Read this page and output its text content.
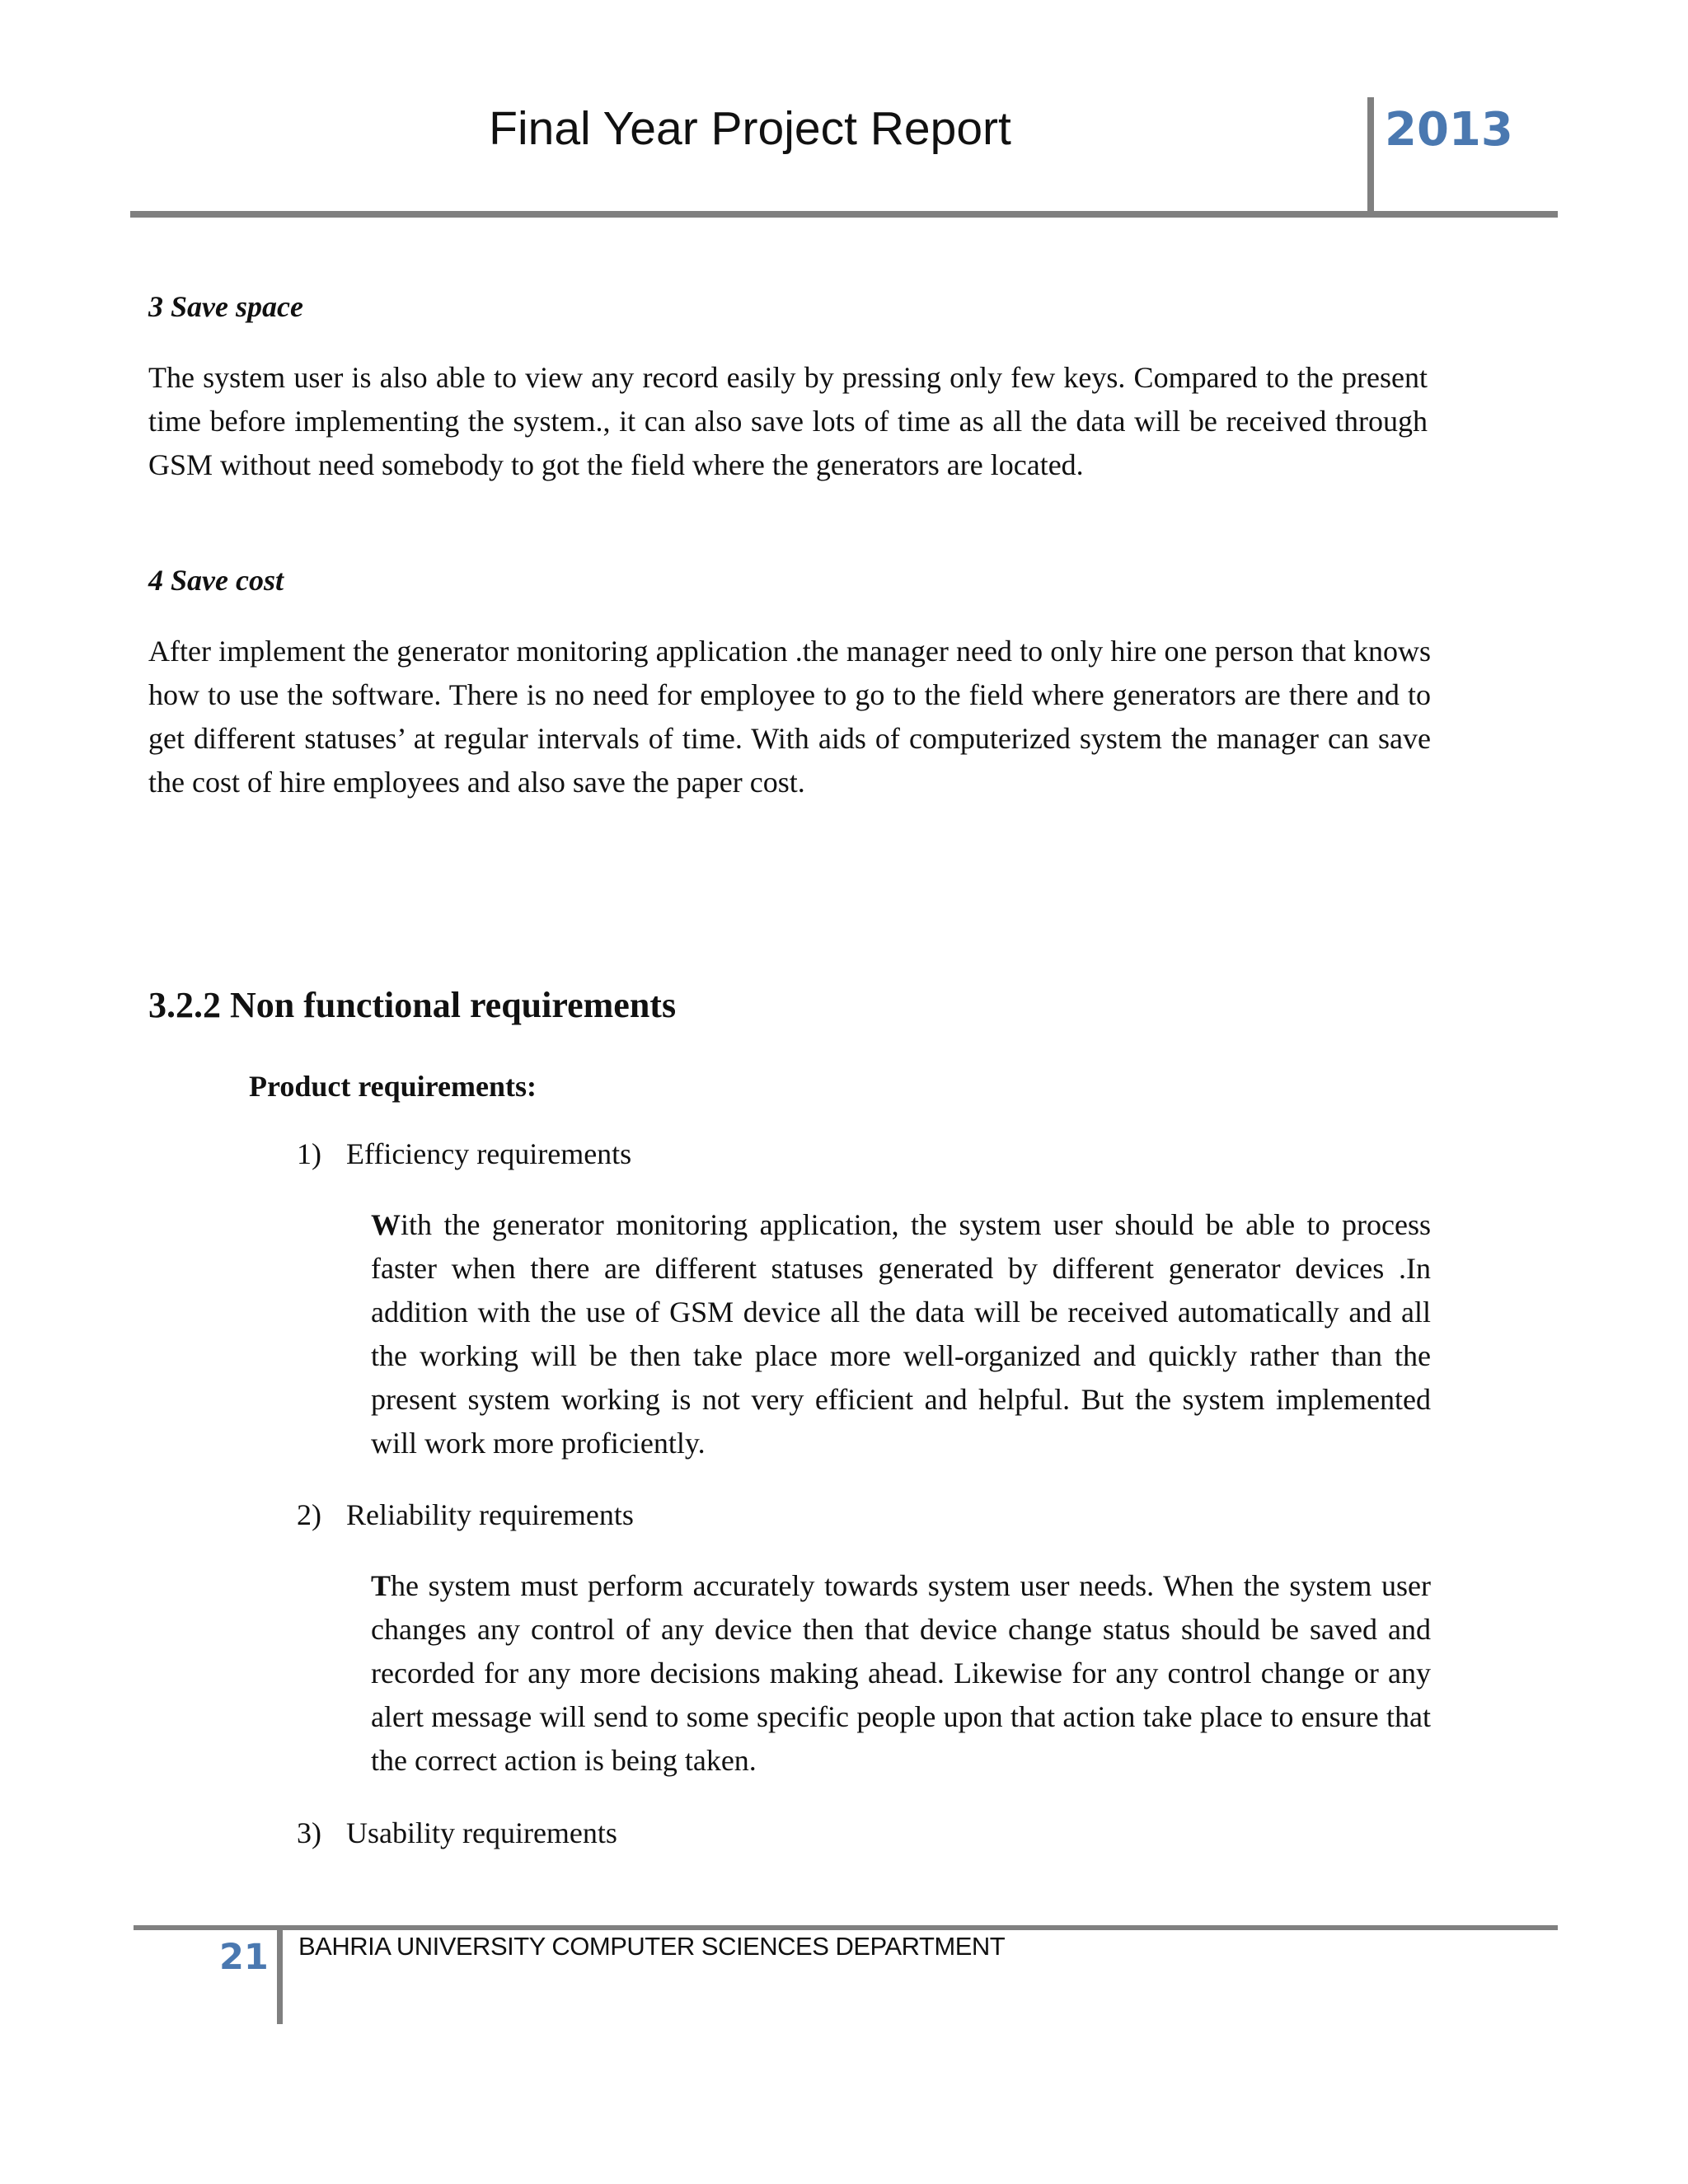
Final Year Project Report	2013
3 Save space
The system user is also able to view any record easily by pressing only few keys. Compared to the present time before implementing the system., it can also save lots of time as all the data will be received through GSM without need somebody to got the field where the generators are located.
4 Save cost
After implement the generator monitoring application .the manager need to only hire one person that knows how to use the software. There is no need for employee to go to the field where generators are there and to get different statuses’ at regular intervals of time. With aids of computerized system the manager can save the cost of hire employees and also save the paper cost.
3.2.2 Non functional requirements
Product requirements:
1) Efficiency requirements
With the generator monitoring application, the system user should be able to process faster when there are different statuses generated by different generator devices .In addition with the use of GSM device all the data will be received automatically and all the working will be then take place more well-organized and quickly rather than the present system working is not very efficient and helpful. But the system implemented will work more proficiently.
2) Reliability requirements
The system must perform accurately towards system user needs. When the system user changes any control of any device then that device change status should be saved and recorded for any more decisions making ahead. Likewise for any control change or any alert message will send to some specific people upon that action take place to ensure that the correct action is being taken.
3) Usability requirements
21 BAHRIA UNIVERSITY COMPUTER SCIENCES DEPARTMENT
